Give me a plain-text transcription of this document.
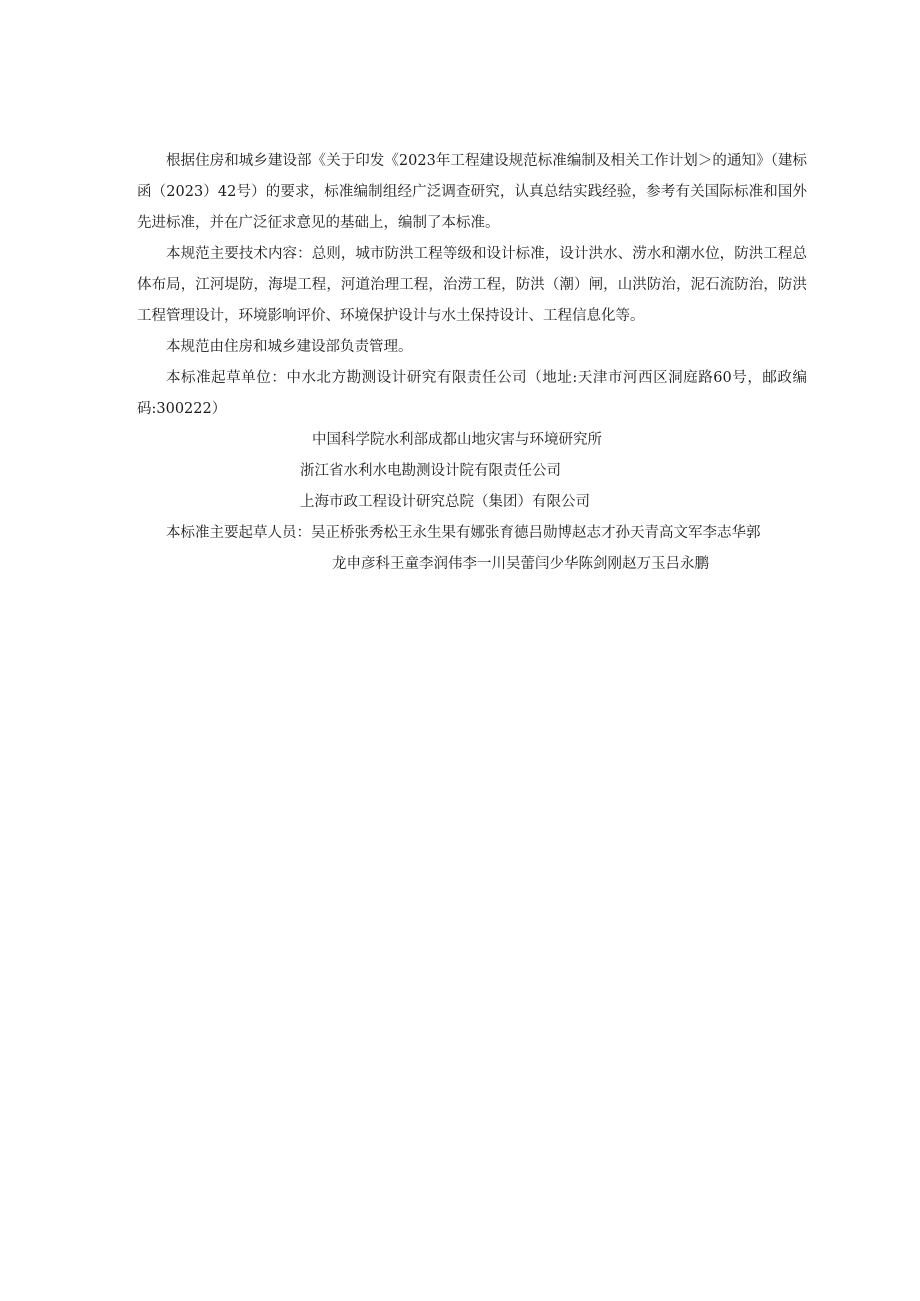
根据住房和城乡建设部《关于印发《2023年工程建设规范标准编制及相关工作计划＞的通知》（建标函（2023）42号）的要求，标准编制组经广泛调查研究，认真总结实践经验，参考有关国际标准和国外先进标准，并在广泛征求意见的基础上，编制了本标准。

本规范主要技术内容：总则，城市防洪工程等级和设计标准，设计洪水、涝水和潮水位，防洪工程总体布局，江河堤防，海堤工程，河道治理工程，治涝工程，防洪（潮）闸，山洪防治，泥石流防治，防洪工程管理设计，环境影响评价、环境保护设计与水土保持设计、工程信息化等。

本规范由住房和城乡建设部负责管理。

本标准起草单位：中水北方勘测设计研究有限责任公司（地址:天津市河西区洞庭路60号，邮政编码:300222）

中国科学院水利部成都山地灾害与环境研究所

浙江省水利水电勘测设计院有限责任公司

上海市政工程设计研究总院（集团）有限公司

本标准主要起草人员：吴正桥张秀松王永生果有娜张育德吕勋博赵志才孙天青高文军李志华郭

龙申彦科王童李润伟李一川吴蕾闫少华陈剑刚赵万玉吕永鹏
